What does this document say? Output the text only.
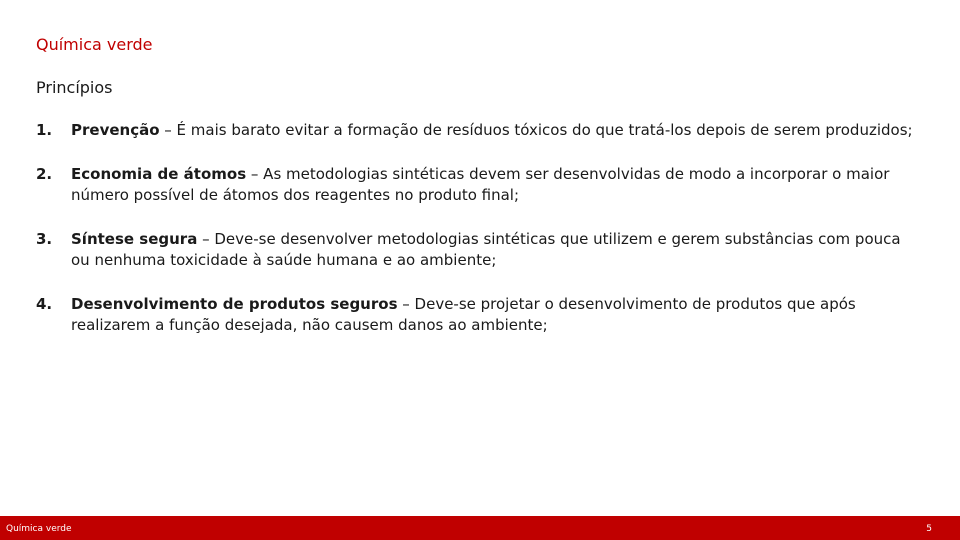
Química verde
Princípios
1. Prevenção – É mais barato evitar a formação de resíduos tóxicos do que tratá-los depois de serem produzidos;
2. Economia de átomos – As metodologias sintéticas devem ser desenvolvidas de modo a incorporar o maior número possível de átomos dos reagentes no produto final;
3. Síntese segura – Deve-se desenvolver metodologias sintéticas que utilizem e gerem substâncias com pouca ou nenhuma toxicidade à saúde humana e ao ambiente;
4. Desenvolvimento de produtos seguros – Deve-se projetar o desenvolvimento de produtos que após realizarem a função desejada, não causem danos ao ambiente;
Química verde	5
